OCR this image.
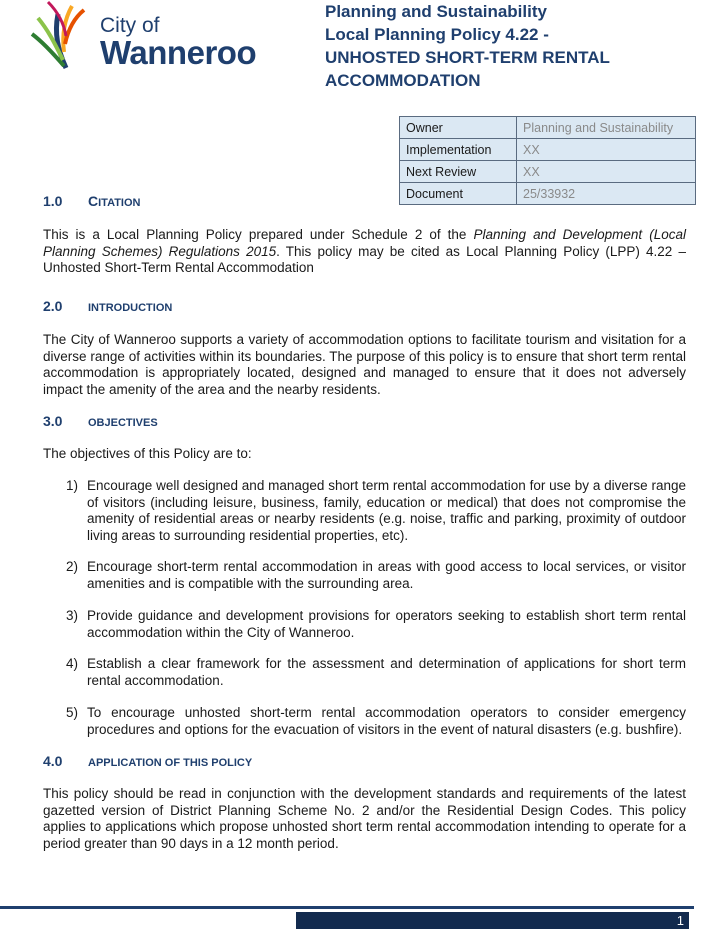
City of
Wanneroo
Planning and Sustainability
Local Planning Policy 4.22 -
UNHOSTED SHORT-TERM RENTAL
ACCOMMODATION
Owner	Planning and Sustainability
Implementation	XX
Next Review	XX
Document	25/33932
1.0 CITATION
This is a Local Planning Policy prepared under Schedule 2 of the Planning and Development (Local Planning Schemes) Regulations 2015. This policy may be cited as Local Planning Policy (LPP) 4.22 – Unhosted Short-Term Rental Accommodation
2.0 INTRODUCTION
The City of Wanneroo supports a variety of accommodation options to facilitate tourism and visitation for a diverse range of activities within its boundaries. The purpose of this policy is to ensure that short term rental accommodation is appropriately located, designed and managed to ensure that it does not adversely impact the amenity of the area and the nearby residents.
3.0 OBJECTIVES
The objectives of this Policy are to:
1) Encourage well designed and managed short term rental accommodation for use by a diverse range of visitors (including leisure, business, family, education or medical) that does not compromise the amenity of residential areas or nearby residents (e.g. noise, traffic and parking, proximity of outdoor living areas to surrounding residential properties, etc).
2) Encourage short-term rental accommodation in areas with good access to local services, or visitor amenities and is compatible with the surrounding area.
3) Provide guidance and development provisions for operators seeking to establish short term rental accommodation within the City of Wanneroo.
4) Establish a clear framework for the assessment and determination of applications for short term rental accommodation.
5) To encourage unhosted short-term rental accommodation operators to consider emergency procedures and options for the evacuation of visitors in the event of natural disasters (e.g. bushfire).
4.0 APPLICATION OF THIS POLICY
This policy should be read in conjunction with the development standards and requirements of the latest gazetted version of District Planning Scheme No. 2 and/or the Residential Design Codes. This policy applies to applications which propose unhosted short term rental accommodation intending to operate for a period greater than 90 days in a 12 month period.
1
